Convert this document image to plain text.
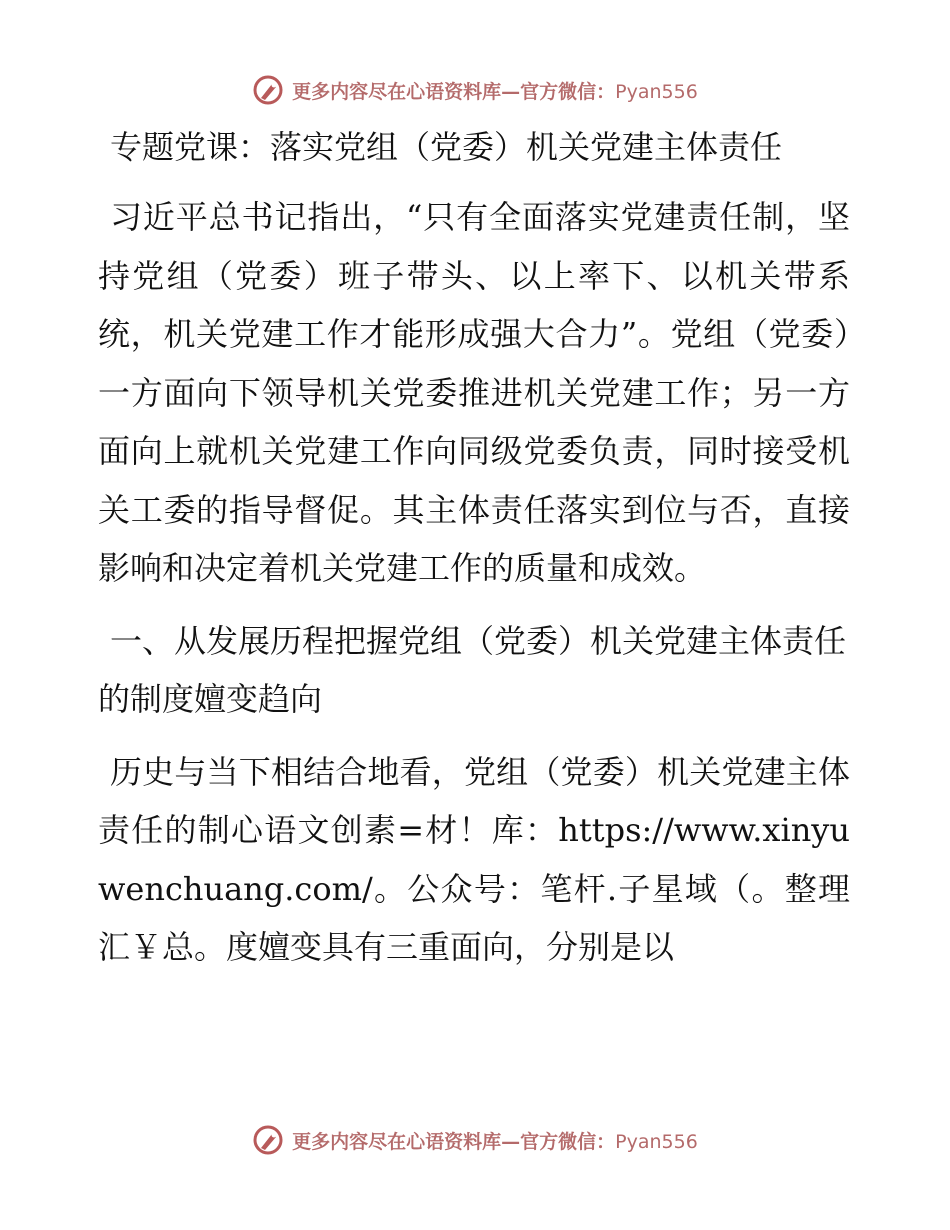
更多内容尽在心语资料库—官方微信：Pyan556
专题党课：落实党组（党委）机关党建主体责任

习近平总书记指出，“只有全面落实党建责任制，坚持党组（党委）班子带头、以上率下、以机关带系统，机关党建工作才能形成强大合力”。党组（党委）一方面向下领导机关党委推进机关党建工作；另一方面向上就机关党建工作向同级党委负责，同时接受机关工委的指导督促。其主体责任落实到位与否，直接影响和决定着机关党建工作的质量和成效。

一、从发展历程把握党组（党委）机关党建主体责任的制度嬗变趋向

历史与当下相结合地看，党组（党委）机关党建主体责任的制心语文创素=材！库：https://www.xinyuwenchuang.com/。公众号：笔杆.子星域（。整理汇￥总。度嬗变具有三重面向，分别是以

更多内容尽在心语资料库—官方微信：Pyan556
